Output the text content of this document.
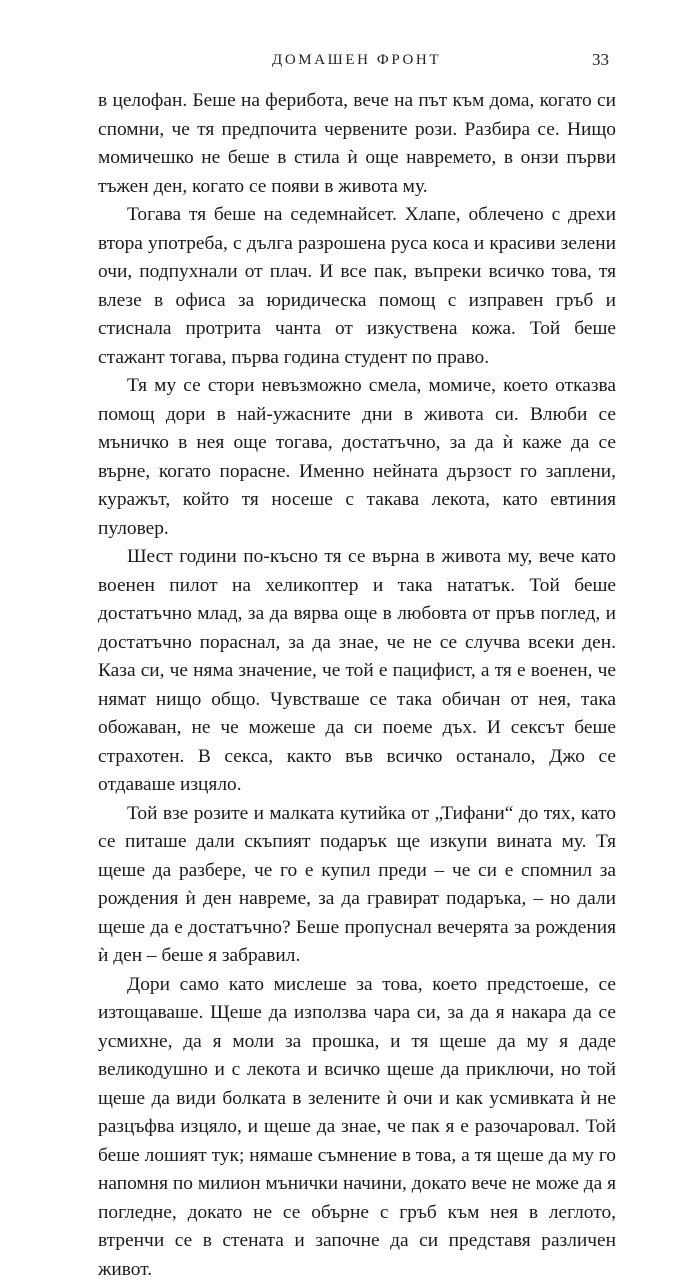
ДОМАШЕН ФРОНТ	33

в целофан. Беше на ферибота, вече на път към дома, когато си спомни, че тя предпочита червените рози. Разбира се. Нищо момичешко не беше в стила ѝ още навремето, в онзи първи тъжен ден, когато се появи в живота му.

Тогава тя беше на седемнайсет. Хлапе, облечено с дрехи втора употреба, с дълга разрошена руса коса и красиви зелени очи, подпухнали от плач. И все пак, въпреки всичко това, тя влезе в офиса за юридическа помощ с изправен гръб и стиснала протрита чанта от изкуствена кожа. Той беше стажант тогава, първа година студент по право.

Тя му се стори невъзможно смела, момиче, което отказва помощ дори в най-ужасните дни в живота си. Влюби се мъничко в нея още тогава, достатъчно, за да ѝ каже да се върне, когато порасне. Именно нейната дързост го заплени, куражът, който тя носеше с такава лекота, като евтиния пуловер.

Шест години по-късно тя се върна в живота му, вече като военен пилот на хеликоптер и така нататък. Той беше достатъчно млад, за да вярва още в любовта от пръв поглед, и достатъчно пораснал, за да знае, че не се случва всеки ден. Каза си, че няма значение, че той е пацифист, а тя е военен, че нямат нищо общо. Чувстваше се така обичан от нея, така обожаван, не че можеше да си поеме дъх. И сексът беше страхотен. В секса, както във всичко останало, Джо се отдаваше изцяло.

Той взе розите и малката кутийка от „Тифани“ до тях, като се питаше дали скъпият подарък ще изкупи вината му. Тя щеше да разбере, че го е купил преди – че си е спомнил за рождения ѝ ден навреме, за да гравират подаръка, – но дали щеше да е достатъчно? Беше пропуснал вечерята за рождения ѝ ден – беше я забравил.

Дори само като мислеше за това, което предстоеше, се изтощаваше. Щеше да използва чара си, за да я накара да се усмихне, да я моли за прошка, и тя щеше да му я даде великодушно и с лекота и всичко щеше да приключи, но той щеше да види болката в зелените ѝ очи и как усмивката ѝ не разцъфва изцяло, и щеше да знае, че пак я е разочаровал. Той беше лошият тук; нямаше съмнение в това, а тя щеше да му го напомня по милион мънички начини, докато вече не може да я погледне, докато не се обърне с гръб към нея в леглото, втренчи се в стената и започне да си представя различен живот.
